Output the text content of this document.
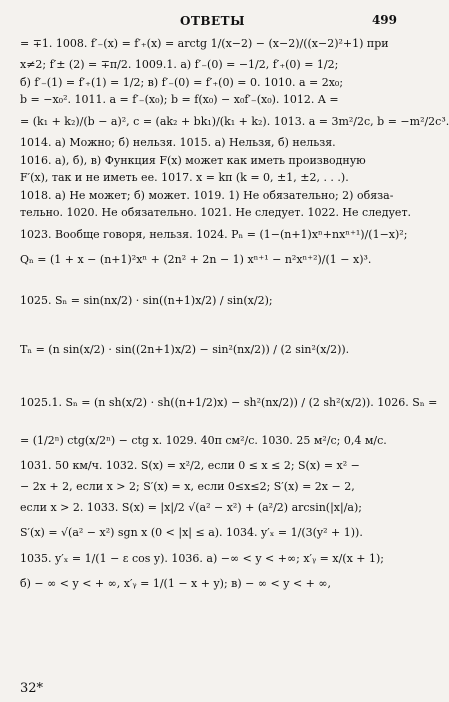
ОТВЕТЫ	499
= ∓1. 1008. f′₋(x) = f′₊(x) = arctg 1/(x−2) − (x−2)/((x−2)²+1) при
x≠2; f′± (2) = ∓π/2. 1009.1. а) f′₋(0) = −1/2, f′₊(0) = 1/2;
б) f′₋(1) = f′₊(1) = 1/2; в) f′₋(0) = f′₊(0) = 0. 1010. a = 2x₀;
b = −x₀². 1011. a = f′₋(x₀); b = f(x₀) − x₀f′₋(x₀). 1012. A =
= (k₁ + k₂)/(b − a)², c = (ak₂ + bk₁)/(k₁ + k₂). 1013. a = 3m²/2c, b = −m²/2c³.
1014. а) Можно; б) нельзя. 1015. а) Нельзя, б) нельзя.
1016. а), б), в) Функция F(x) может как иметь производную
F′(x), так и не иметь ее. 1017. x = kπ (k = 0, ±1, ±2, . . .).
1018. а) Не может; б) может. 1019. 1) Не обязательно; 2) обяза-
тельно. 1020. Не обязательно. 1021. Не следует. 1022. Не следует.
1023. Вообще говоря, нельзя. 1024. Pₙ = (1−(n+1)xⁿ+nxⁿ⁺¹)/(1−x)²;
Qₙ = (1 + x − (n+1)²xⁿ + (2n² + 2n − 1) xⁿ⁺¹ − n²xⁿ⁺²)/(1 − x)³.
1025. Sₙ = sin(nx/2) · sin((n+1)x/2) / sin(x/2);
Tₙ = (n sin(x/2) · sin((2n+1)x/2) − sin²(nx/2)) / (2 sin²(x/2)).
1025.1. Sₙ = (n sh(x/2) · sh((n+1/2)x) − sh²(nx/2)) / (2 sh²(x/2)). 1026. Sₙ =
= (1/2ⁿ) ctg(x/2ⁿ) − ctg x. 1029. 40π см²/с. 1030. 25 м²/с; 0,4 м/с.
1031. 50 км/ч. 1032. S(x) = x²/2, если 0 ≤ x ≤ 2; S(x) = x² −
− 2x + 2, если x > 2; S′(x) = x, если 0≤x≤2; S′(x) = 2x − 2,
если x > 2. 1033. S(x) = |x|/2 √(a² − x²) + (a²/2) arcsin(|x|/a);
S′(x) = √(a² − x²) sgn x (0 < |x| ≤ a). 1034. y′ₓ = 1/(3(y² + 1)).
1035. y′ₓ = 1/(1 − ε cos y). 1036. а) −∞ < y < +∞; x′ᵧ = x/(x + 1);
б) − ∞ < y < + ∞, x′ᵧ = 1/(1 − x + y); в) − ∞ < y < + ∞,
32*
